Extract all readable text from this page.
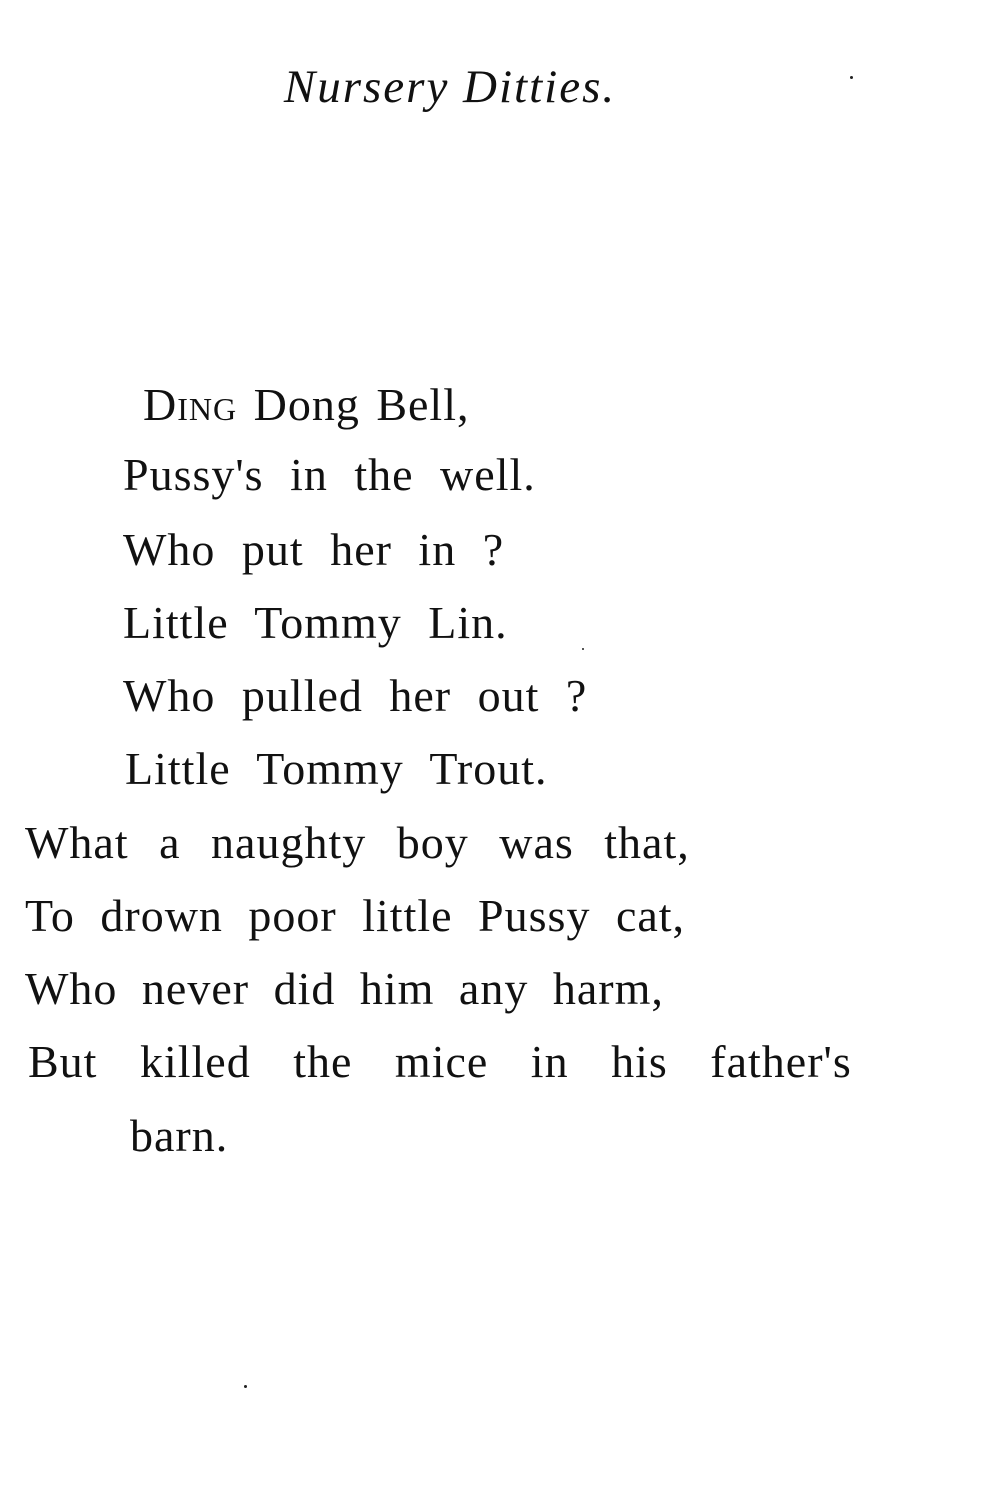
Nursery Ditties.
Ding Dong Bell,
Pussy's in the well.
Who put her in ?
Little Tommy Lin.
Who pulled her out ?
Little Tommy Trout.
What a naughty boy was that,
To drown poor little Pussy cat,
Who never did him any harm,
But killed the mice in his father's
barn.
